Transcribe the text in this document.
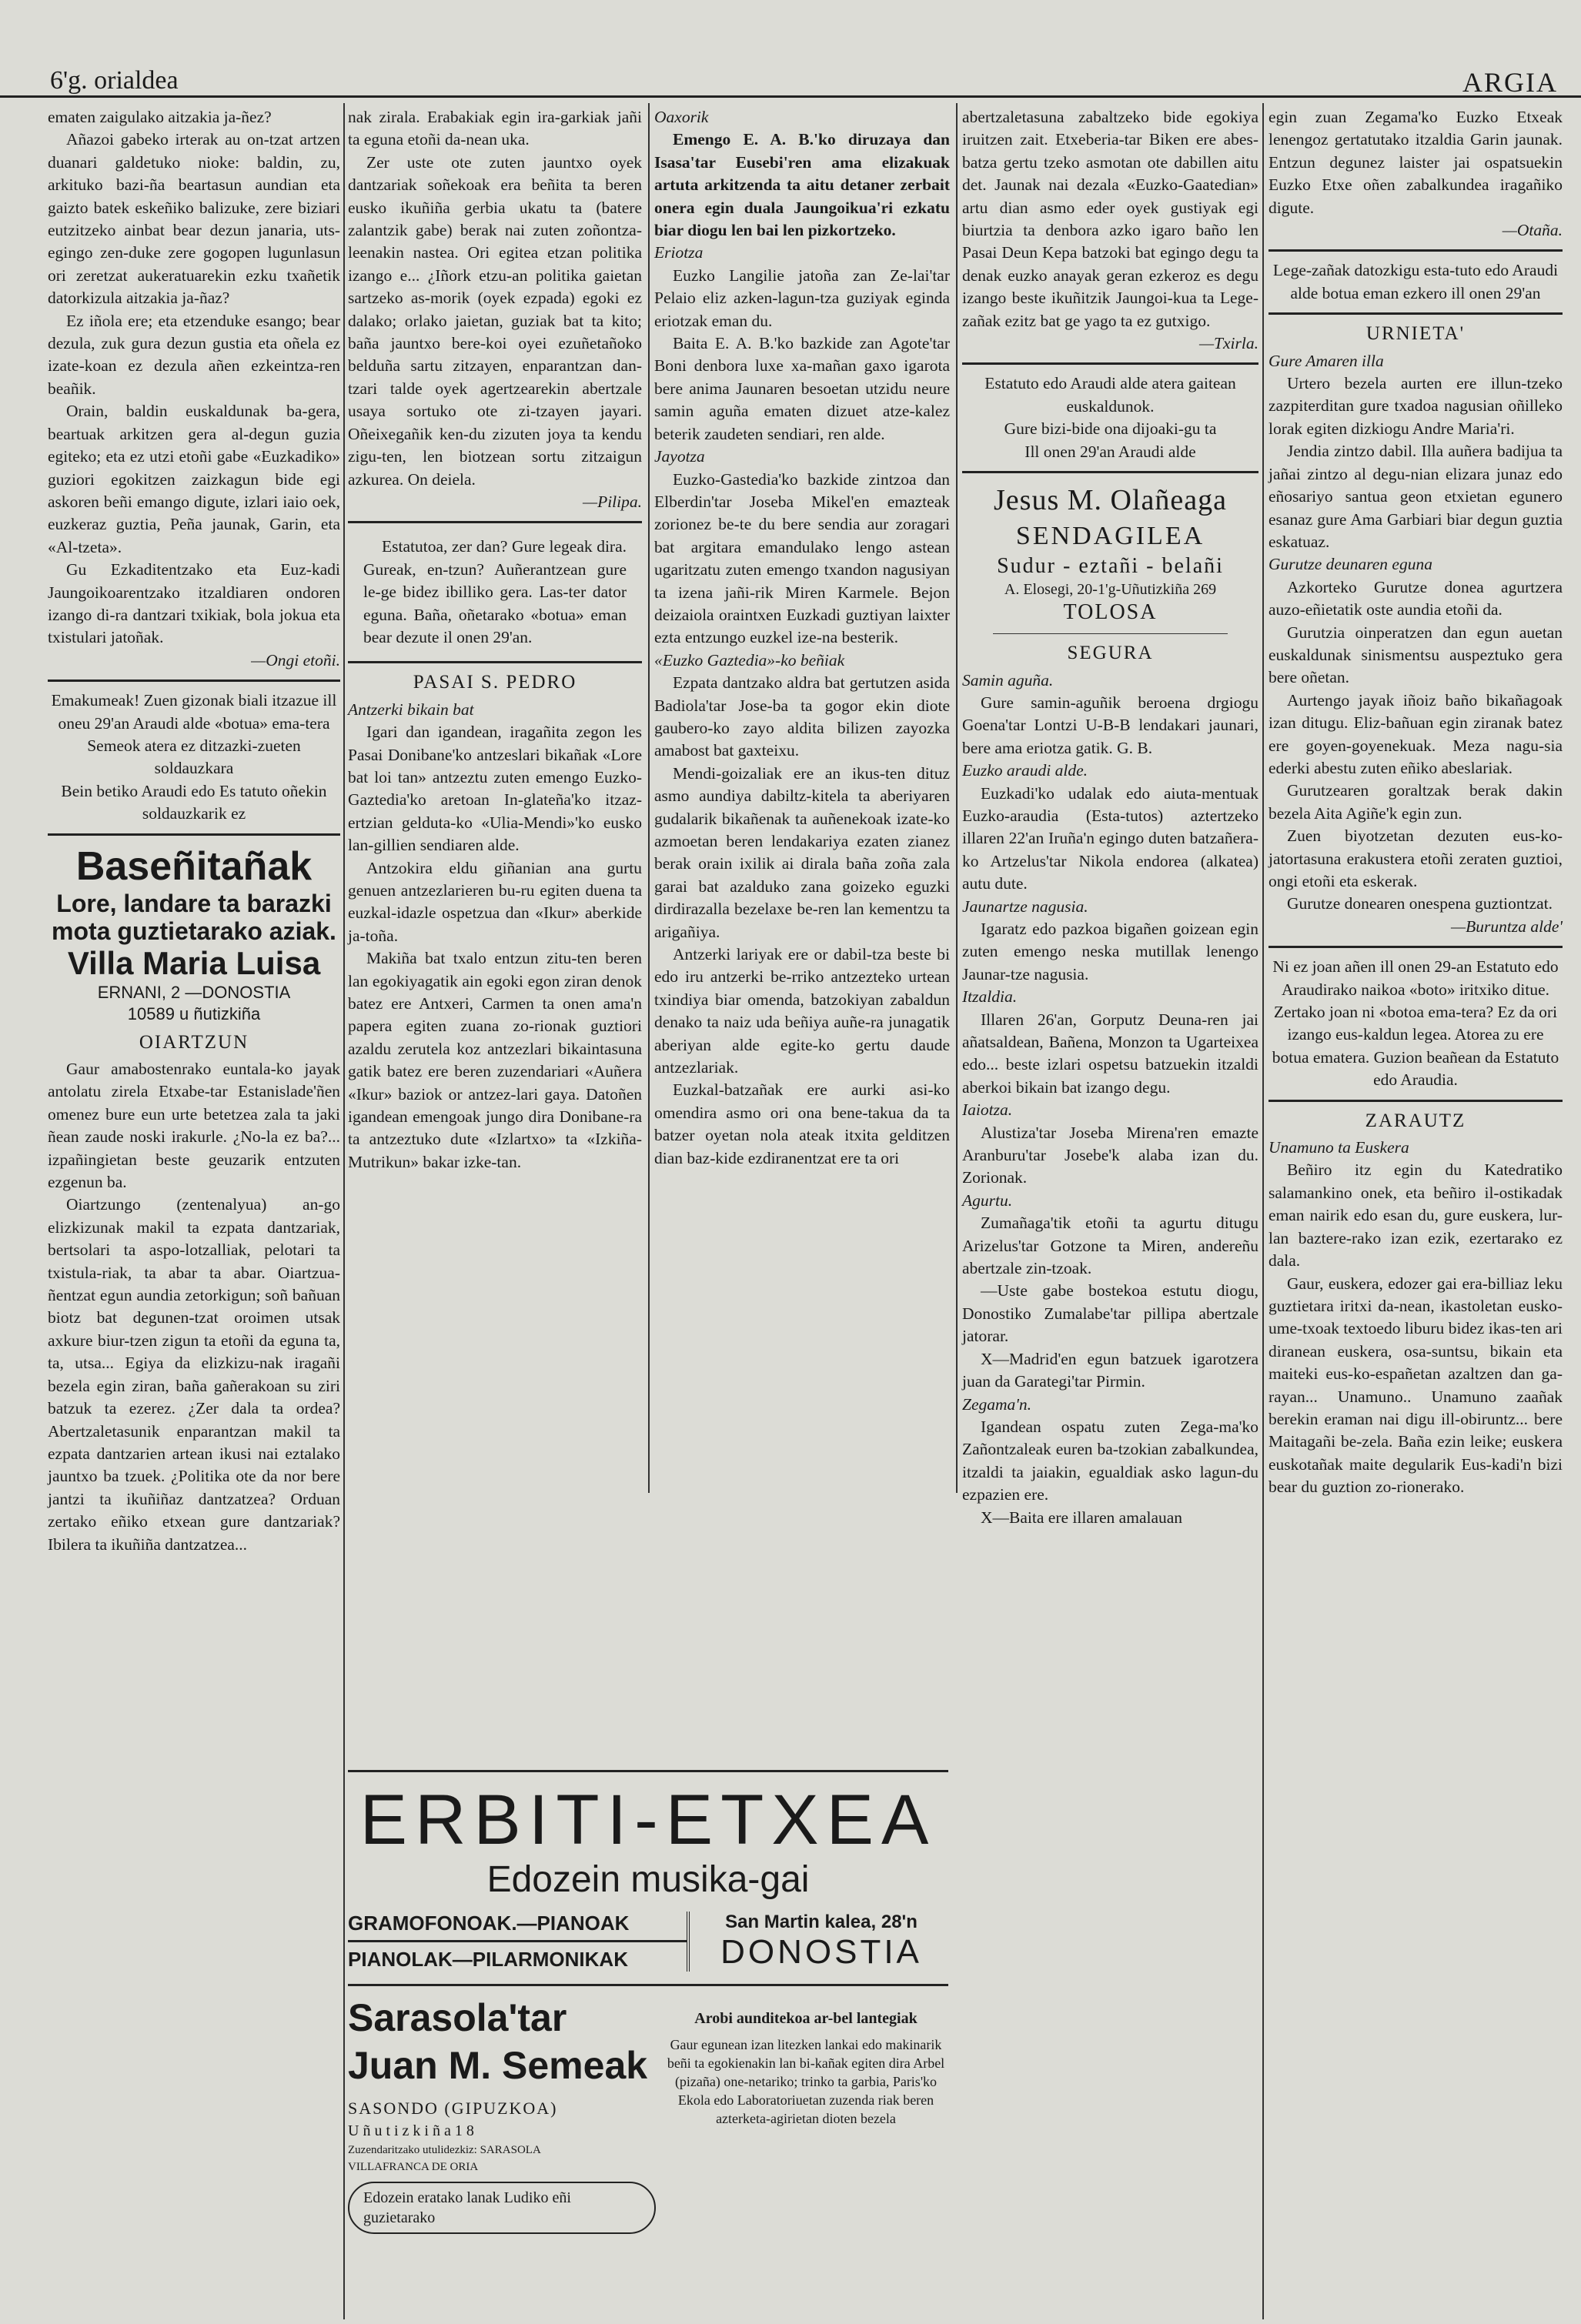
6'g. orialdea	ARGIA

ematen zaigulako aitzakia ja-ñez?

Añazoi gabeko irterak au on-tzat artzen duanari galdetuko nioke: baldin, zu, arkituko bazi-ña beartasun aundian eta gaizto batek eskeñiko balizuke, zere biziari eutzitzeko ainbat bear dezun janaria, uts-egingo zen-duke zere gogopen lugunlasun ori zeretzat aukeratuarekin ezku txañetik datorkizula aitzakia ja-ñaz?

Ez iñola ere; eta etzenduke esango; bear dezula, zuk gura dezun gustia eta oñela ez izate-koan ez dezula añen ezkeintza-ren beañik.

Orain, baldin euskaldunak ba-gera, beartuak arkitzen gera al-degun guzia egiteko; eta ez utzi etoñi gabe «Euzkadiko» guziori egokitzen zaizkagun bide egi askoren beñi emango digute, izlari iaio oek, euzkeraz guztia, Peña jaunak, Garin, eta «Al-tzeta».

Gu Ezkaditentzako eta Euz-kadi Jaungoikoarentzako itzaldiaren ondoren izango di-ra dantzari txikiak, bola jokua eta txistulari jatoñak.

—Ongi etoñi.
Emakumeak! Zuen gizonak biali itzazue ill oneu 29'an Araudi alde «botua» ema-tera
Semeok atera ez ditzazki-zueten soldauzkara
Bein betiko Araudi edo Es tatuto oñekin soldauzkarik ez
Baseñitañak
Lore, landare ta barazki
mota guztietarako aziak.
Villa Maria Luisa
ERNANI, 2 —DONOSTIA
10589 u ñutizkiña
OIARTZUN

Gaur amabostenrako euntala-ko jayak antolatu zirela Etxabe-tar Estanislade'ñen omenez bure eun urte betetzea zala ta jaki ñean zaude noski irakurle. ¿No-la ez ba?... izpañingietan beste geuzarik entzuten ezgenun ba.

Oiartzungo (zentenalyua) an-go elizkizunak makil ta ezpata dantzariak, bertsolari ta aspo-lotzalliak, pelotari ta txistula-riak, ta abar ta abar. Oiartzua-ñentzat egun aundia zetorkigun; soñ bañuan biotz bat degunen-tzat oroimen utsak axkure biur-tzen zigun ta etoñi da eguna ta, ta, utsa... Egiya da elizkizu-nak iragañi bezela egin ziran, baña gañerakoan su ziri batzuk ta ezerez. ¿Zer dala ta ordea? Abertzaletasunik enparantzan makil ta ezpata dantzarien artean ikusi nai eztalako jauntxo ba tzuek. ¿Politika ote da nor bere jantzi ta ikuñiñaz dantzatzea? Orduan zertako eñiko etxean gure dantzariak? Ibilera ta ikuñiña dantzatzea...

nak zirala. Erabakiak egin ira-garkiak jañi ta eguna etoñi da-nean uka.

Zer uste ote zuten jauntxo oyek dantzariak soñekoak era beñita ta beren eusko ikuñiña gerbia ukatu ta (batere zalantzik gabe) berak nai zuten zoñontza-leenakin nastea. Ori egitea etzan politika izango e... ¿Iñork etzu-an politika gaietan sartzeko as-morik (oyek ezpada) egoki ez dalako; orlako jaietan, guziak bat ta kito; baña jauntxo bere-koi oyei ezuñetañoko belduña sartu zitzayen, enparantzan dan-tzari talde oyek agertzearekin abertzale usaya sortuko ote zi-tzayen jayari. Oñeixegañik ken-du zizuten joya ta kendu zigu-ten, len biotzean sortu zitzaigun azkurea. On deiela.

—Pilipa.

Estatutoa, zer dan? Gure legeak dira. Gureak, en-tzun? Auñerantzean gure le-ge bidez ibilliko gera. Las-ter dator eguna. Baña, oñetarako «botua» eman bear dezute il onen 29'an.

PASAI S. PEDRO
Antzerki bikain bat

Igari dan igandean, iragañita zegon les Pasai Donibane'ko antzeslari bikañak «Lore bat loi tan» antzeztu zuten emengo Euzko-Gaztedia'ko aretoan In-glateña'ko itzaz-ertzian gelduta-ko «Ulia-Mendi»'ko eusko lan-gillien sendiaren alde.

Antzokira eldu giñanian ana gurtu genuen antzezlarieren bu-ru egiten duena ta euzkal-idazle ospetzua dan «Ikur» aberkide ja-toña.

Makiña bat txalo entzun zitu-ten beren lan egokiyagatik ain egoki egon ziran denok batez ere Antxeri, Carmen ta onen ama'n papera egiten zuana zo-rionak guztiori azaldu zerutela koz antzezlari bikaintasuna gatik batez ere beren zuzendariari «Auñera «Ikur» baziok or antzez-lari gaya. Datoñen igandean emengoak jungo dira Donibane-ra ta antzeztuko dute «Izlartxo» ta «Izkiña-Mutrikun» bakar izke-tan.

Oaxorik

Emengo E. A. B.'ko diruzaya dan Isasa'tar Eusebi'ren ama elizakuak artuta arkitzenda ta aitu detaner zerbait onera egin duala Jaungoikua'ri ezkatu biar diogu len bai len pizkortzeko.

Eriotza

Euzko Langilie jatoña zan Ze-lai'tar Pelaio eliz azken-lagun-tza guziyak eginda eriotzak eman du.

Baita E. A. B.'ko bazkide zan Agote'tar Boni denbora luxe xa-mañan gaxo igarota bere anima Jaunaren besoetan utzidu neure samin aguña ematen dizuet atze-kalez beterik zaudeten sendiari, ren alde.

Jayotza

Euzko-Gastedia'ko bazkide zintzoa dan Elberdin'tar Joseba Mikel'en emazteak zorionez be-te du bere sendia aur zoragari bat argitara emandulako lengo astean ugaritzatu zuten emengo txandon nagusiyan ta izena jañi-rik Miren Karmele. Bejon deizaiola oraintxen Euzkadi guztiyan laixter ezta entzungo euzkel ize-na besterik.

«Euzko Gaztedia»-ko beñiak

Ezpata dantzako aldra bat gertutzen asida Badiola'tar Jose-ba ta gogor ekin diote gaubero-ko zayo aldita bilizen zayozka amabost bat gaxteixu.

Mendi-goizaliak ere an ikus-ten dituz asmo aundiya dabiltz-kitela ta aberiyaren gudalarik bikañenak ta auñenekoak izate-ko azmoetan beren lendakariya ezaten zianez berak orain ixilik ai dirala baña zoña zala garai bat azalduko zana goizeko eguzki dirdirazalla bezelaxe be-ren lan kementzu ta arigañiya.

Antzerki lariyak ere or dabil-tza beste bi edo iru antzerki be-rriko antzezteko urtean txindiya biar omenda, batzokiyan zabaldun denako ta naiz uda beñiya auñe-ra junagatik aberiyan alde egite-ko gertu daude antzezlariak.

Euzkal-batzañak ere aurki asi-ko omendira asmo ori ona bene-takua da ta batzer oyetan nola ateak itxita gelditzen dian baz-kide ezdiranentzat ere ta ori

abertzaletasuna zabaltzeko bide egokiya iruitzen zait. Etxeberia-tar Biken ere abes-batza gertu tzeko asmotan ote dabillen aitu det. Jaunak nai dezala «Euzko-Gaatedian» artu dian asmo eder oyek gustiyak egi biurtzia ta denbora azko igaro baño len Pasai Deun Kepa batzoki bat egingo degu ta denak euzko anayak geran ezkeroz es degu izango beste ikuñitzik Jaungoi-kua ta Lege-zañak ezitz bat ge yago ta ez gutxigo.

—Txirla.
Estatuto edo Araudi alde atera gaitean euskaldunok.
Gure bizi-bide ona dijoaki-gu ta
Ill onen 29'an Araudi alde
Jesus M. Olañeaga
SENDAGILEA
Sudur - eztañi - belañi
A. Elosegi, 20-1'g-Uñutizkiña 269
TOLOSA
SEGURA
Samin aguña.

Gure samin-aguñik beroena drgiogu Goena'tar Lontzi U-B-B lendakari jaunari, bere ama eriotza gatik. G. B.

Euzko araudi alde.

Euzkadi'ko udalak edo aiuta-mentuak Euzko-araudia (Esta-tutos) aztertzeko illaren 22'an Iruña'n egingo duten batzañera-ko Artzelus'tar Nikola endorea (alkatea) autu dute.

Jaunartze nagusia.

Igaratz edo pazkoa bigañen goizean egin zuten emengo neska mutillak lenengo Jaunar-tze nagusia.

Itzaldia.

Illaren 26'an, Gorputz Deuna-ren jai añatsaldean, Bañena, Monzon ta Ugarteixea edo... beste izlari ospetsu batzuekin itzaldi aberkoi bikain bat izango degu.

Iaiotza.

Alustiza'tar Joseba Mirena'ren emazte Aranburu'tar Josebe'k alaba izan du. Zorionak.

Agurtu.

Zumañaga'tik etoñi ta agurtu ditugu Arizelus'tar Gotzone ta Miren, andereñu abertzale zin-tzoak.

—Uste gabe bostekoa estutu diogu, Donostiko Zumalabe'tar pillipa abertzale jatorar.

X—Madrid'en egun batzuek igarotzera juan da Garategi'tar Pirmin.

Zegama'n.

Igandean ospatu zuten Zega-ma'ko Zañontzaleak euren ba-tzokian zabalkundea, itzaldi ta jaiakin, egualdiak asko lagun-du ezpazien ere.

X—Baita ere illaren amalauan

egin zuan Zegama'ko Euzko Etxeak lenengoz gertatutako itzaldia Garin jaunak. Entzun degunez laister jai ospatsuekin Euzko Etxe oñen zabalkundea iragañiko digute.

—Otaña.

Lege-zañak datozkigu esta-tuto edo Araudi alde botua eman ezkero ill onen 29'an

URNIETA'
Gure Amaren illa

Urtero bezela aurten ere illun-tzeko zazpiterditan gure txadoa nagusian oñilleko lorak egiten dizkiogu Andre Maria'ri.

Jendia zintzo dabil. Illa auñera badijua ta jañai zintzo al degu-nian elizara junaz edo eñosariyo santua geon etxietan egunero esanaz gure Ama Garbiari biar degun guztia eskatuaz.

Gurutze deunaren eguna

Azkorteko Gurutze donea agurtzera auzo-eñietatik oste aundia etoñi da.

Gurutzia oinperatzen dan egun auetan euskaldunak sinismentsu auspeztuko gera bere oñetan.

Aurtengo jayak iñoiz baño bikañagoak izan ditugu. Eliz-bañuan egin ziranak batez ere goyen-goyenekuak. Meza nagu-sia ederki abestu zuten eñiko abeslariak.

Gurutzearen goraltzak berak dakin bezela Aita Agiñe'k egin zun.

Zuen biyotzetan dezuten eus-ko-jatortasuna erakustera etoñi zeraten guztioi, ongi etoñi eta eskerak.

Gurutze donearen onespena guztiontzat.

—Buruntza alde'

Ni ez joan añen ill onen 29-an Estatuto edo Araudirako naikoa «boto» iritxiko ditue. Zertako joan ni «botoa ema-tera? Ez da ori izango eus-kaldun legea. Atorea zu ere botua ematera. Guzion beañean da Estatuto edo Araudia.

ZARAUTZ
Unamuno ta Euskera

Beñiro itz egin du Katedratiko salamankino onek, eta beñiro il-ostikadak eman nairik edo esan du, gure euskera, lur-lan baztere-rako izan ezik, ezertarako ez dala.

Gaur, euskera, edozer gai era-billiaz leku guztietara iritxi da-nean, ikastoletan eusko-ume-txoak textoedo liburu bidez ikas-ten ari diranean euskera, osa-suntsu, bikain eta maiteki eus-ko-españetan azaltzen dan ga-rayan... Unamuno.. Unamuno zaañak berekin eraman nai digu ill-obiruntz... bere Maitagañi be-zela. Baña ezin leike; euskera euskotañak maite degularik Eus-kadi'n bizi bear du guztion zo-rionerako.

ERBITI-ETXEA
Edozein musika-gai
GRAMOFONOAK.—PIANOAK
PIANOLAK—PILARMONIKAK
San Martin kalea, 28'n
DONOSTIA
Sarasola'tar Juan M. Semeak
SASONDO (GIPUZKOA)
U ñ u t i z k i ñ a 1 8
Zuzendaritzako utulidezkiz: SARASOLA
VILLAFRANCA DE ORIA
Edozein eratako lanak Ludiko eñi guzietarako
Arobi aunditekoa ar-bel lantegiak
Gaur egunean izan litezken lankai edo makinarik beñi ta egokienakin lan bi-kañak egiten dira Arbel (pizaña) one-netariko; trinko ta garbia, Paris'ko Ekola edo Laboratoriuetan zuzenda riak beren azterketa-agirietan dioten bezela
